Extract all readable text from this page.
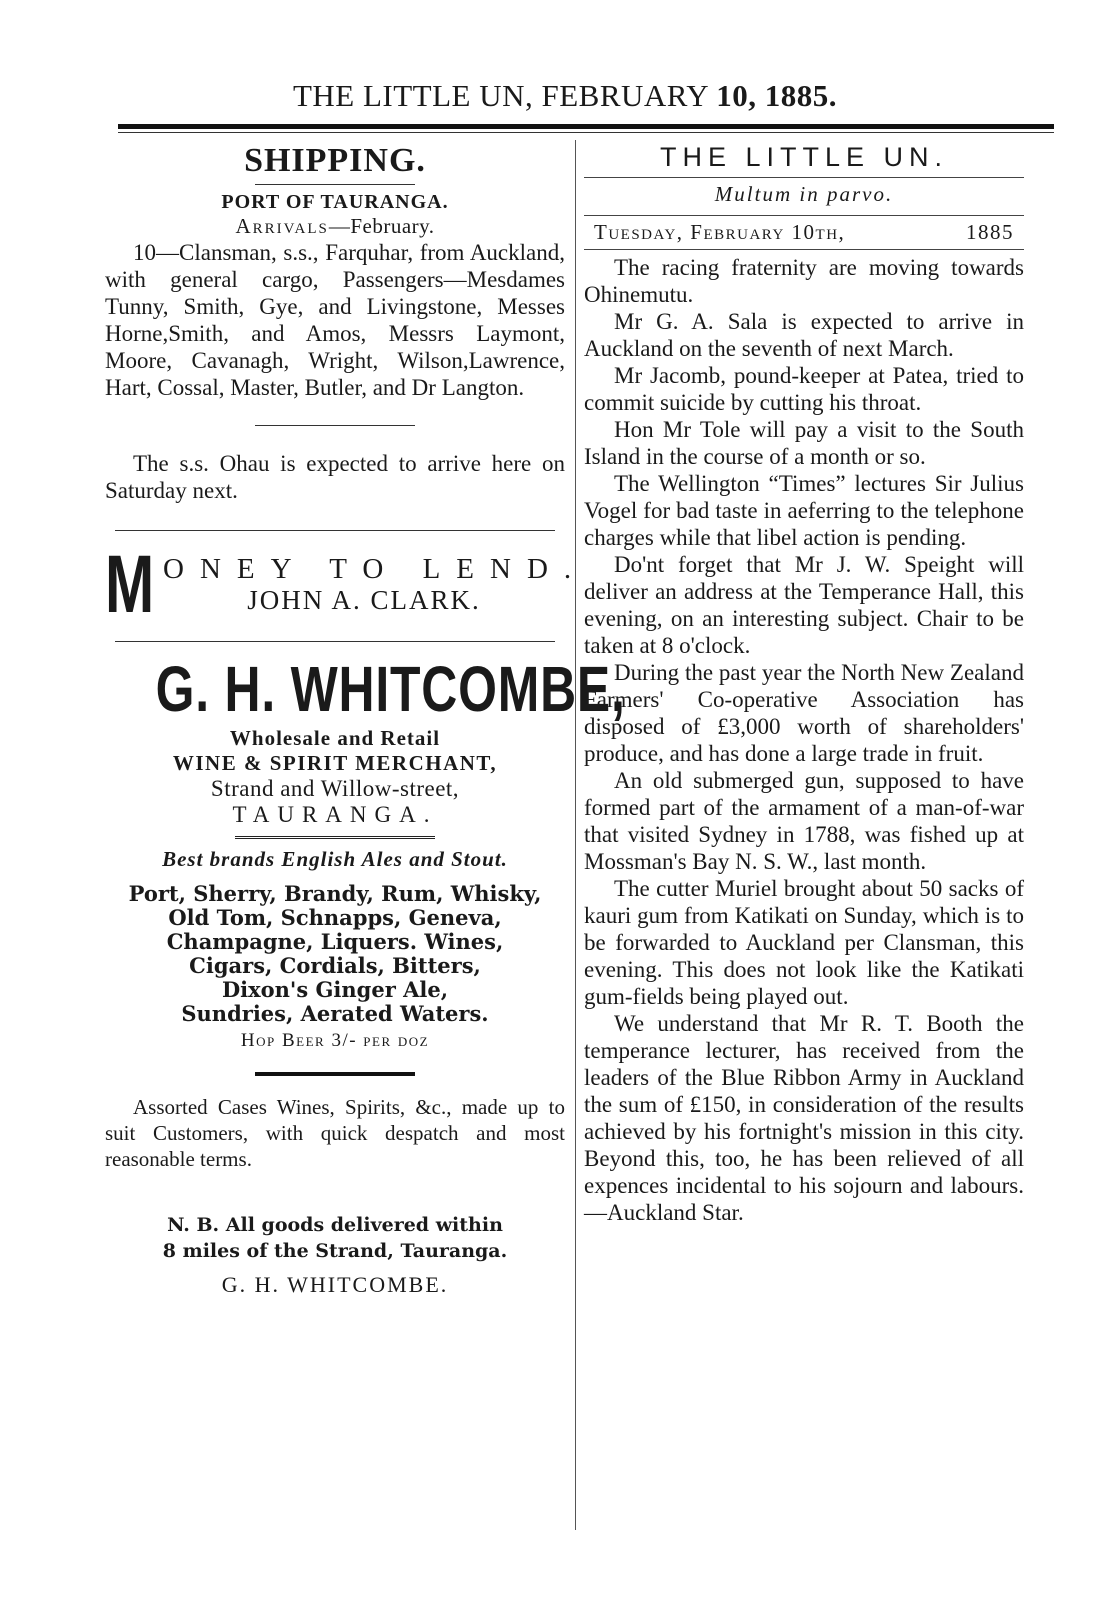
THE LITTLE UN, FEBRUARY 10, 1885.
SHIPPING.
PORT OF TAURANGA.
Arrivals—February.

10—Clansman, s.s., Farquhar, from Auckland, with general cargo, Passengers—Mesdames Tunny, Smith, Gye, and Livingstone, Messes Horne,Smith, and Amos, Messrs Laymont, Moore, Cavanagh, Wright, Wilson,Lawrence, Hart, Cossal, Master, Butler, and Dr Langton.

The s.s. Ohau is expected to arrive here on Saturday next.

M ONEY TO LEND.
JOHN A. CLARK.
G. H. WHITCOMBE,
Wholesale and Retail
WINE & SPIRIT MERCHANT,
Strand and Willow-street,
TAURANGA.
Best brands English Ales and Stout.
Port, Sherry, Brandy, Rum, Whisky,
Old Tom, Schnapps, Geneva,
Champagne, Liquers. Wines,
Cigars, Cordials, Bitters,
Dixon's Ginger Ale,
Sundries, Aerated Waters.
Hop Beer 3/- per doz

Assorted Cases Wines, Spirits, &c., made up to suit Customers, with quick despatch and most reasonable terms.

N. B. All goods delivered within
8 miles of the Strand, Tauranga.
G. H. WHITCOMBE.
THE LITTLE UN.
Multum in parvo.
Tuesday, February 10th,	1885

The racing fraternity are moving towards Ohinemutu.

Mr G. A. Sala is expected to arrive in Auckland on the seventh of next March.

Mr Jacomb, pound-keeper at Patea, tried to commit suicide by cutting his throat.

Hon Mr Tole will pay a visit to the South Island in the course of a month or so.

The Wellington “Times” lectures Sir Julius Vogel for bad taste in aeferring to the telephone charges while that libel action is pending.

Do'nt forget that Mr J. W. Speight will deliver an address at the Temperance Hall, this evening, on an interesting subject. Chair to be taken at 8 o'clock.

During the past year the North New Zealand Farmers' Co-operative Association has disposed of £3,000 worth of shareholders' produce, and has done a large trade in fruit.

An old submerged gun, supposed to have formed part of the armament of a man-of-war that visited Sydney in 1788, was fished up at Mossman's Bay N. S. W., last month.

The cutter Muriel brought about 50 sacks of kauri gum from Katikati on Sunday, which is to be forwarded to Auckland per Clansman, this evening. This does not look like the Katikati gum-fields being played out.

We understand that Mr R. T. Booth the temperance lecturer, has received from the leaders of the Blue Ribbon Army in Auckland the sum of £150, in consideration of the results achieved by his fortnight's mission in this city. Beyond this, too, he has been relieved of all expences incidental to his sojourn and labours.—Auckland Star.
